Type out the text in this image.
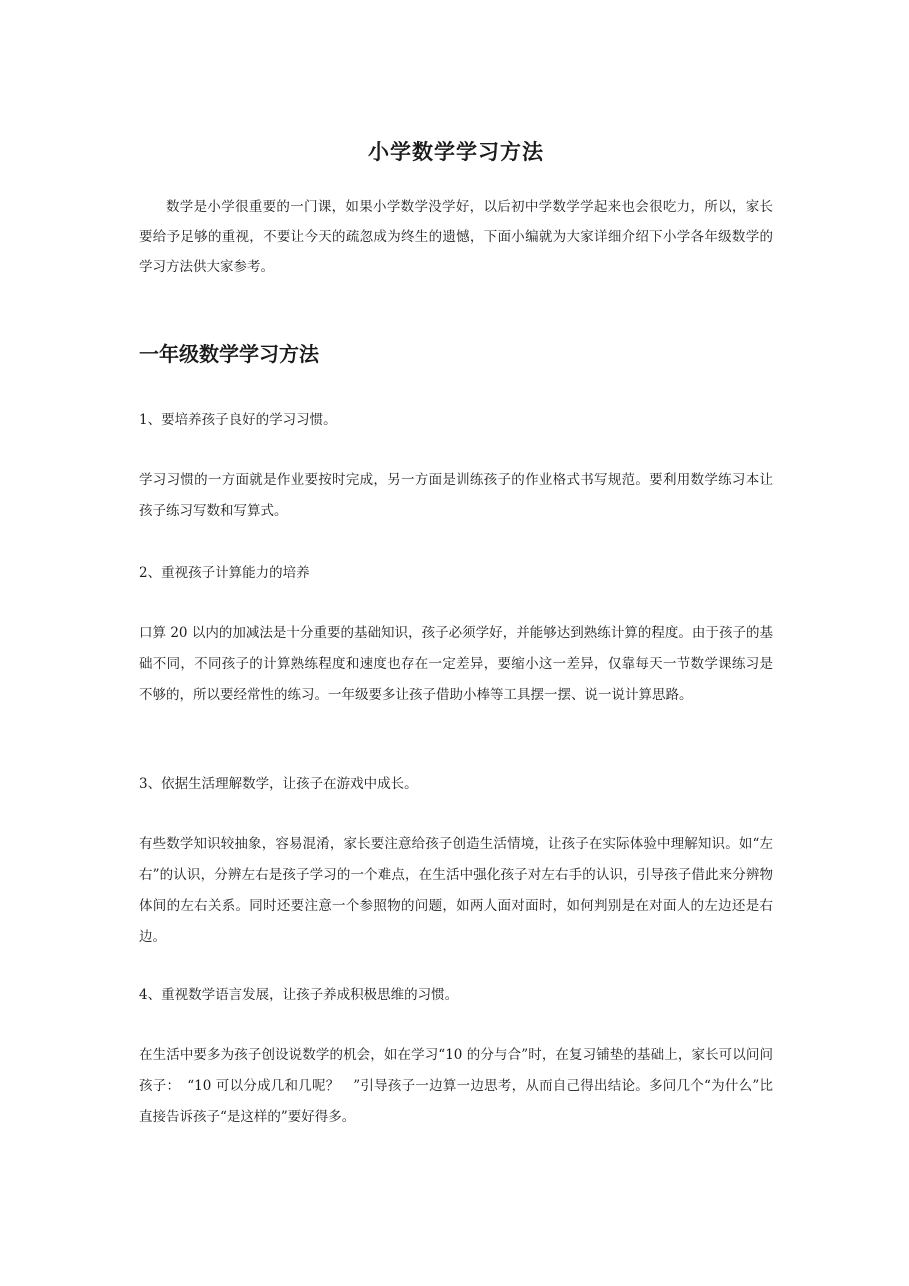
小学数学学习方法

数学是小学很重要的一门课，如果小学数学没学好，以后初中学数学学起来也会很吃力，所以，家长要给予足够的重视，不要让今天的疏忽成为终生的遗憾，下面小编就为大家详细介绍下小学各年级数学的学习方法供大家参考。

一年级数学学习方法

1、要培养孩子良好的学习习惯。

学习习惯的一方面就是作业要按时完成，另一方面是训练孩子的作业格式书写规范。要利用数学练习本让孩子练习写数和写算式。

2、重视孩子计算能力的培养

口算 20 以内的加减法是十分重要的基础知识，孩子必须学好，并能够达到熟练计算的程度。由于孩子的基础不同，不同孩子的计算熟练程度和速度也存在一定差异，要缩小这一差异，仅靠每天一节数学课练习是不够的，所以要经常性的练习。一年级要多让孩子借助小棒等工具摆一摆、说一说计算思路。

3、依据生活理解数学，让孩子在游戏中成长。

有些数学知识较抽象，容易混淆，家长要注意给孩子创造生活情境，让孩子在实际体验中理解知识。如“左右”的认识，分辨左右是孩子学习的一个难点，在生活中强化孩子对左右手的认识，引导孩子借此来分辨物体间的左右关系。同时还要注意一个参照物的问题，如两人面对面时，如何判别是在对面人的左边还是右边。

4、重视数学语言发展，让孩子养成积极思维的习惯。

在生活中要多为孩子创设说数学的机会，如在学习“10 的分与合”时，在复习铺垫的基础上，家长可以问问孩子：　“10 可以分成几和几呢？　”引导孩子一边算一边思考，从而自己得出结论。多问几个“为什么”比直接告诉孩子“是这样的”要好得多。
